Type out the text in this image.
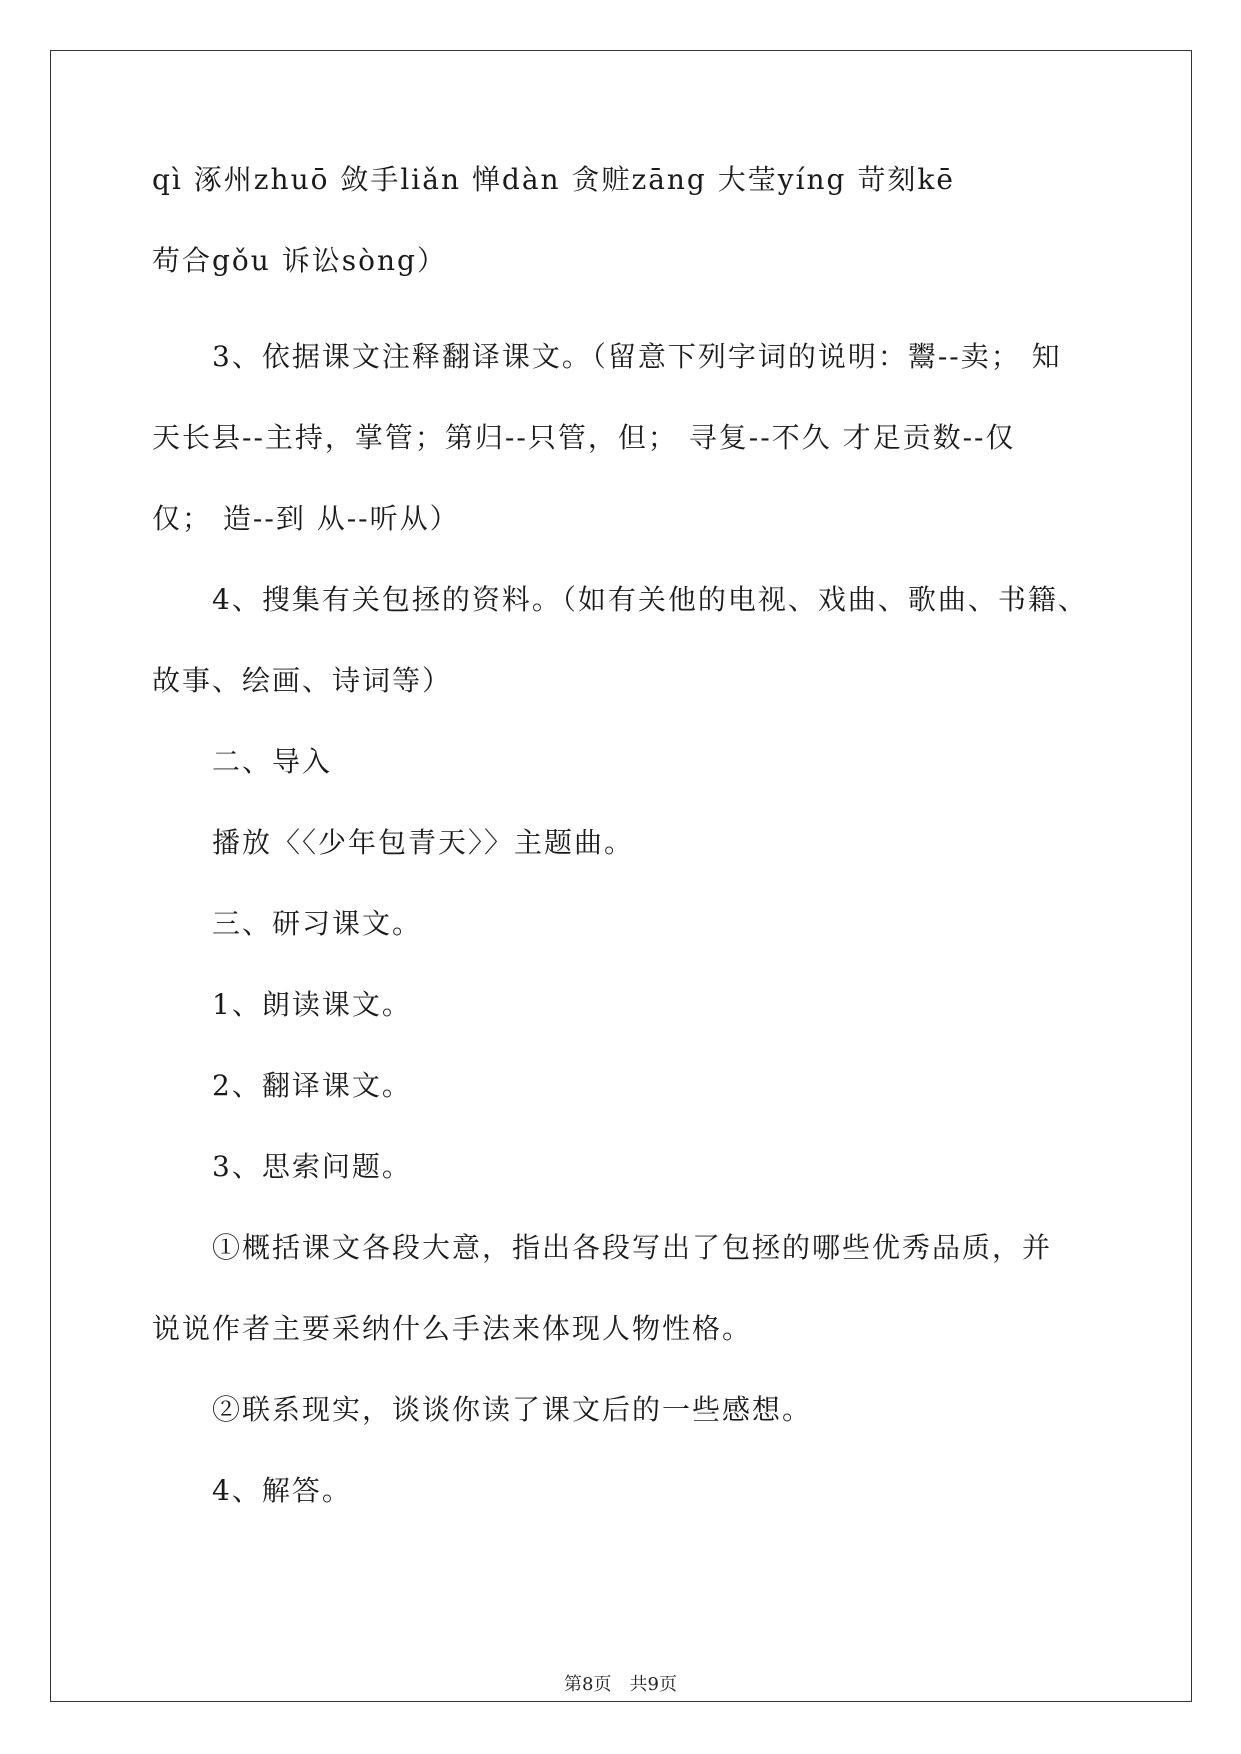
qì 涿州zhuō 敛手liǎn 惮dàn 贪赃zāng 大莹yíng 苛刻kē
苟合gǒu 诉讼sòng）
3、依据课文注释翻译课文。（留意下列字词的说明：鬻--卖； 知
天长县--主持，掌管；第归--只管，但； 寻复--不久 才足贡数--仅
仅； 造--到 从--听从）
4、搜集有关包拯的资料。（如有关他的电视、戏曲、歌曲、书籍、
故事、绘画、诗词等）
二、导入
播放〈〈少年包青天〉〉主题曲。
三、研习课文。
1、朗读课文。
2、翻译课文。
3、思索问题。
①概括课文各段大意，指出各段写出了包拯的哪些优秀品质，并
说说作者主要采纳什么手法来体现人物性格。
②联系现实，谈谈你读了课文后的一些感想。
4、解答。
第8页 共9页
